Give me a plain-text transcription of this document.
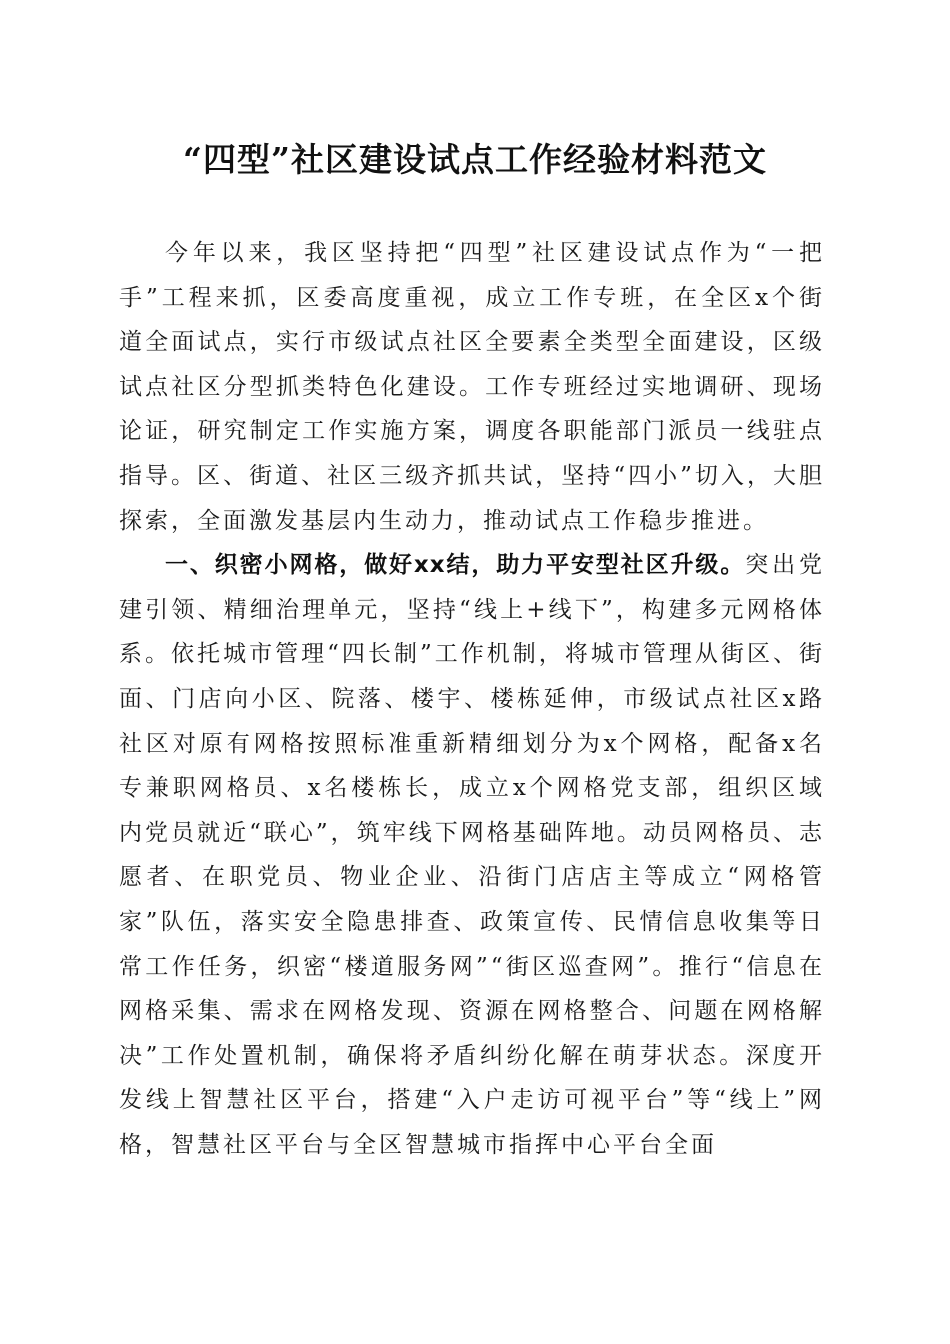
“四型”社区建设试点工作经验材料范文

今年以来，我区坚持把“四型”社区建设试点作为“一把手”工程来抓，区委高度重视，成立工作专班，在全区x个街道全面试点，实行市级试点社区全要素全类型全面建设，区级试点社区分型抓类特色化建设。工作专班经过实地调研、现场论证，研究制定工作实施方案，调度各职能部门派员一线驻点指导。区、街道、社区三级齐抓共试，坚持“四小”切入，大胆探索，全面激发基层内生动力，推动试点工作稳步推进。

一、织密小网格，做好xx结，助力平安型社区升级。突出党建引领、精细治理单元，坚持“线上+线下”，构建多元网格体系。依托城市管理“四长制”工作机制，将城市管理从街区、街面、门店向小区、院落、楼宇、楼栋延伸，市级试点社区x路社区对原有网格按照标准重新精细划分为x个网格，配备x名专兼职网格员、x名楼栋长，成立x个网格党支部，组织区域内党员就近“联心”，筑牢线下网格基础阵地。动员网格员、志愿者、在职党员、物业企业、沿街门店店主等成立“网格管家”队伍，落实安全隐患排查、政策宣传、民情信息收集等日常工作任务，织密“楼道服务网”“街区巡查网”。推行“信息在网格采集、需求在网格发现、资源在网格整合、问题在网格解决”工作处置机制，确保将矛盾纠纷化解在萌芽状态。深度开发线上智慧社区平台，搭建“入户走访可视平台”等“线上”网格，智慧社区平台与全区智慧城市指挥中心平台全面
